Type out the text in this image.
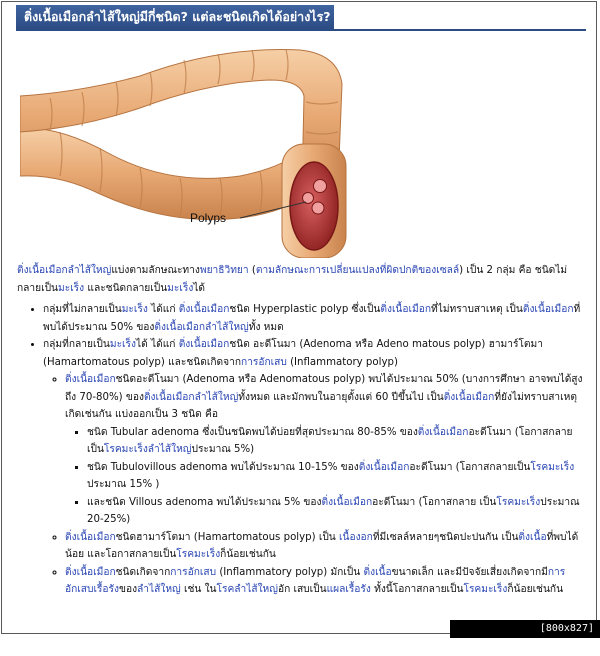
ติ่งเนื้อเมือกลำไส้ใหญ่มีกี่ชนิด? แต่ละชนิดเกิดได้อย่างไร?
Polyps

ติ่งเนื้อเมือกลำไส้ใหญ่แบ่งตามลักษณะทางพยาธิวิทยา (ตามลักษณะการเปลี่ยนแปลงที่ผิดปกติของเซลล์) เป็น 2 กลุ่ม คือ ชนิดไม่กลายเป็นมะเร็ง และชนิดกลายเป็นมะเร็งได้

• กลุ่มที่ไม่กลายเป็นมะเร็ง ได้แก่ ติ่งเนื้อเมือกชนิด Hyperplastic polyp ซึ่งเป็นติ่งเนื้อเมือกที่ไม่ทราบสาเหตุ เป็นติ่งเนื้อเมือกที่พบได้ประมาณ 50% ของติ่งเนื้อเมือกลำไส้ใหญ่ทั้ง หมด
• กลุ่มที่กลายเป็นมะเร็งได้ ได้แก่ ติ่งเนื้อเมือกชนิด อะดีโนมา (Adenoma หรือ Adeno matous polyp) ฮามาร์โตมา (Hamartomatous polyp) และชนิดเกิดจากการอักเสบ (Inflammatory polyp)
◦ ติ่งเนื้อเมือกชนิดอะดีโนมา (Adenoma หรือ Adenomatous polyp) พบได้ประมาณ 50% (บางการศึกษา อาจพบได้สูงถึง 70-80%) ของติ่งเนื้อเมือกลำไส้ใหญ่ทั้งหมด และมักพบในอายุตั้งแต่ 60 ปีขึ้นไป เป็นติ่งเนื้อเมือกที่ยังไม่ทราบสาเหตุเกิดเช่นกัน แบ่งออกเป็น 3 ชนิด คือ
▪ ชนิด Tubular adenoma ซึ่งเป็นชนิดพบได้บ่อยที่สุดประมาณ 80-85% ของติ่งเนื้อเมือกอะดีโนมา (โอกาสกลายเป็นโรคมะเร็งลำไส้ใหญ่ประมาณ 5%)
▪ ชนิด Tubulovillous adenoma พบได้ประมาณ 10-15% ของติ่งเนื้อเมือกอะดีโนมา (โอกาสกลายเป็นโรคมะเร็งประมาณ 15% )
▪ และชนิด Villous adenoma พบได้ประมาณ 5% ของติ่งเนื้อเมือกอะดีโนมา (โอกาสกลาย เป็นโรคมะเร็งประมาณ 20-25%)
◦ ติ่งเนื้อเมือกชนิดฮามาร์โตมา (Hamartomatous polyp) เป็น เนื้องอกที่มีเซลล์หลายๆชนิดปะปนกัน เป็นติ่งเนื้อที่พบได้น้อย และโอกาสกลายเป็นโรคมะเร็งก็น้อยเช่นกัน
◦ ติ่งเนื้อเมือกชนิดเกิดจากการอักเสบ (Inflammatory polyp) มักเป็น ติ่งเนื้อขนาดเล็ก และมีปัจจัยเสี่ยงเกิดจากมีการอักเสบเรื้อรังของลำไส้ใหญ่ เช่น ในโรคลำไส้ใหญ่อัก เสบเป็นแผลเรื้อรัง ทั้งนี้โอกาสกลายเป็นโรคมะเร็งก็น้อยเช่นกัน
[800x827] http://upic.me/
